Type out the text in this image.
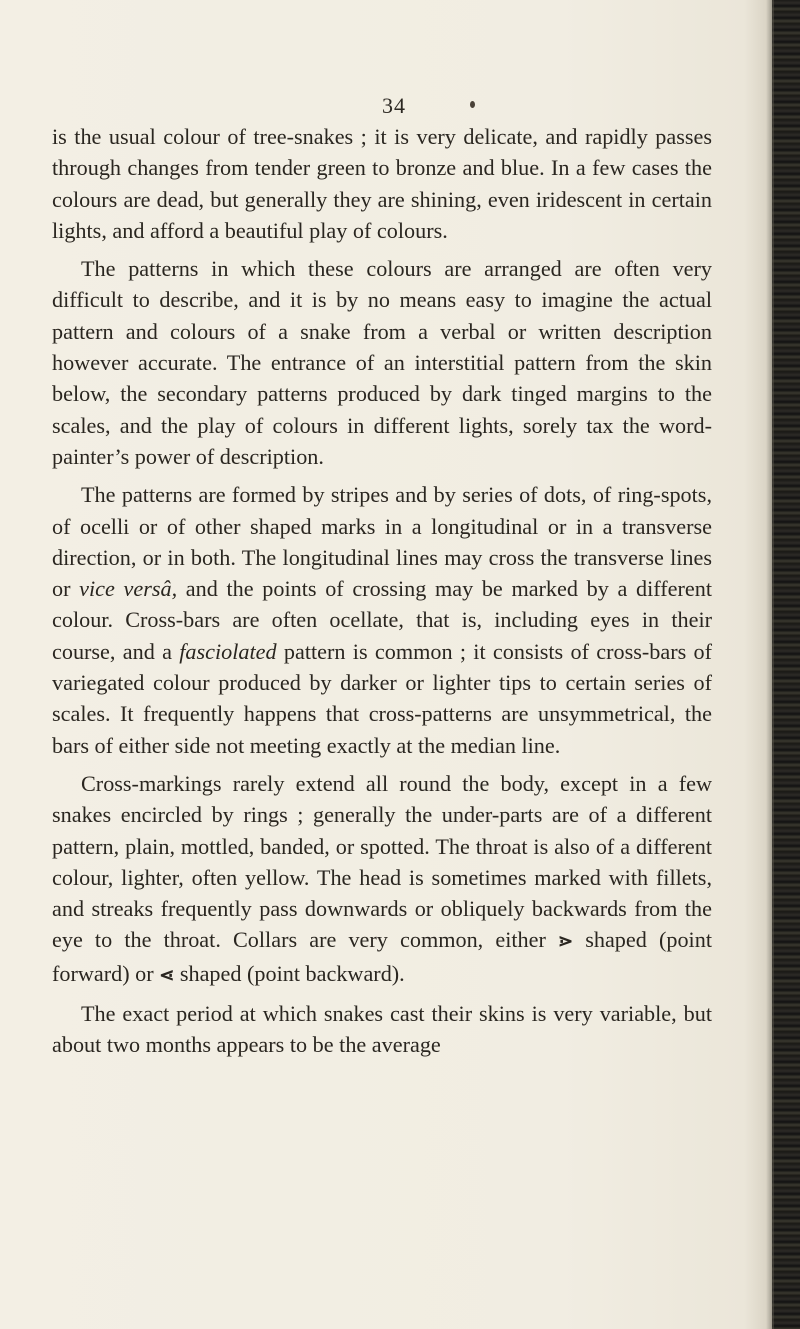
34

is the usual colour of tree-snakes ; it is very delicate, and rapidly passes through changes from tender green to bronze and blue. In a few cases the colours are dead, but generally they are shining, even iridescent in certain lights, and afford a beautiful play of colours.

The patterns in which these colours are arranged are often very difficult to describe, and it is by no means easy to imagine the actual pattern and colours of a snake from a verbal or written description however accurate. The entrance of an interstitial pattern from the skin below, the secondary patterns produced by dark tinged margins to the scales, and the play of colours in different lights, sorely tax the word-painter’s power of description.

The patterns are formed by stripes and by series of dots, of ring-spots, of ocelli or of other shaped marks in a longitudinal or in a transverse direction, or in both. The longitudinal lines may cross the transverse lines or vice versâ, and the points of crossing may be marked by a different colour. Cross-bars are often ocellate, that is, including eyes in their course, and a fasciolated pattern is common ; it consists of cross-bars of variegated colour produced by darker or lighter tips to certain series of scales. It frequently happens that cross-patterns are unsymmetrical, the bars of either side not meeting exactly at the median line.

Cross-markings rarely extend all round the body, except in a few snakes encircled by rings ; generally the under-parts are of a different pattern, plain, mottled, banded, or spotted. The throat is also of a different colour, lighter, often yellow. The head is sometimes marked with fillets, and streaks frequently pass downwards or obliquely backwards from the eye to the throat. Collars are very common, either ⋗ shaped (point forward) or ⋖ shaped (point backward).

The exact period at which snakes cast their skins is very variable, but about two months appears to be the average
